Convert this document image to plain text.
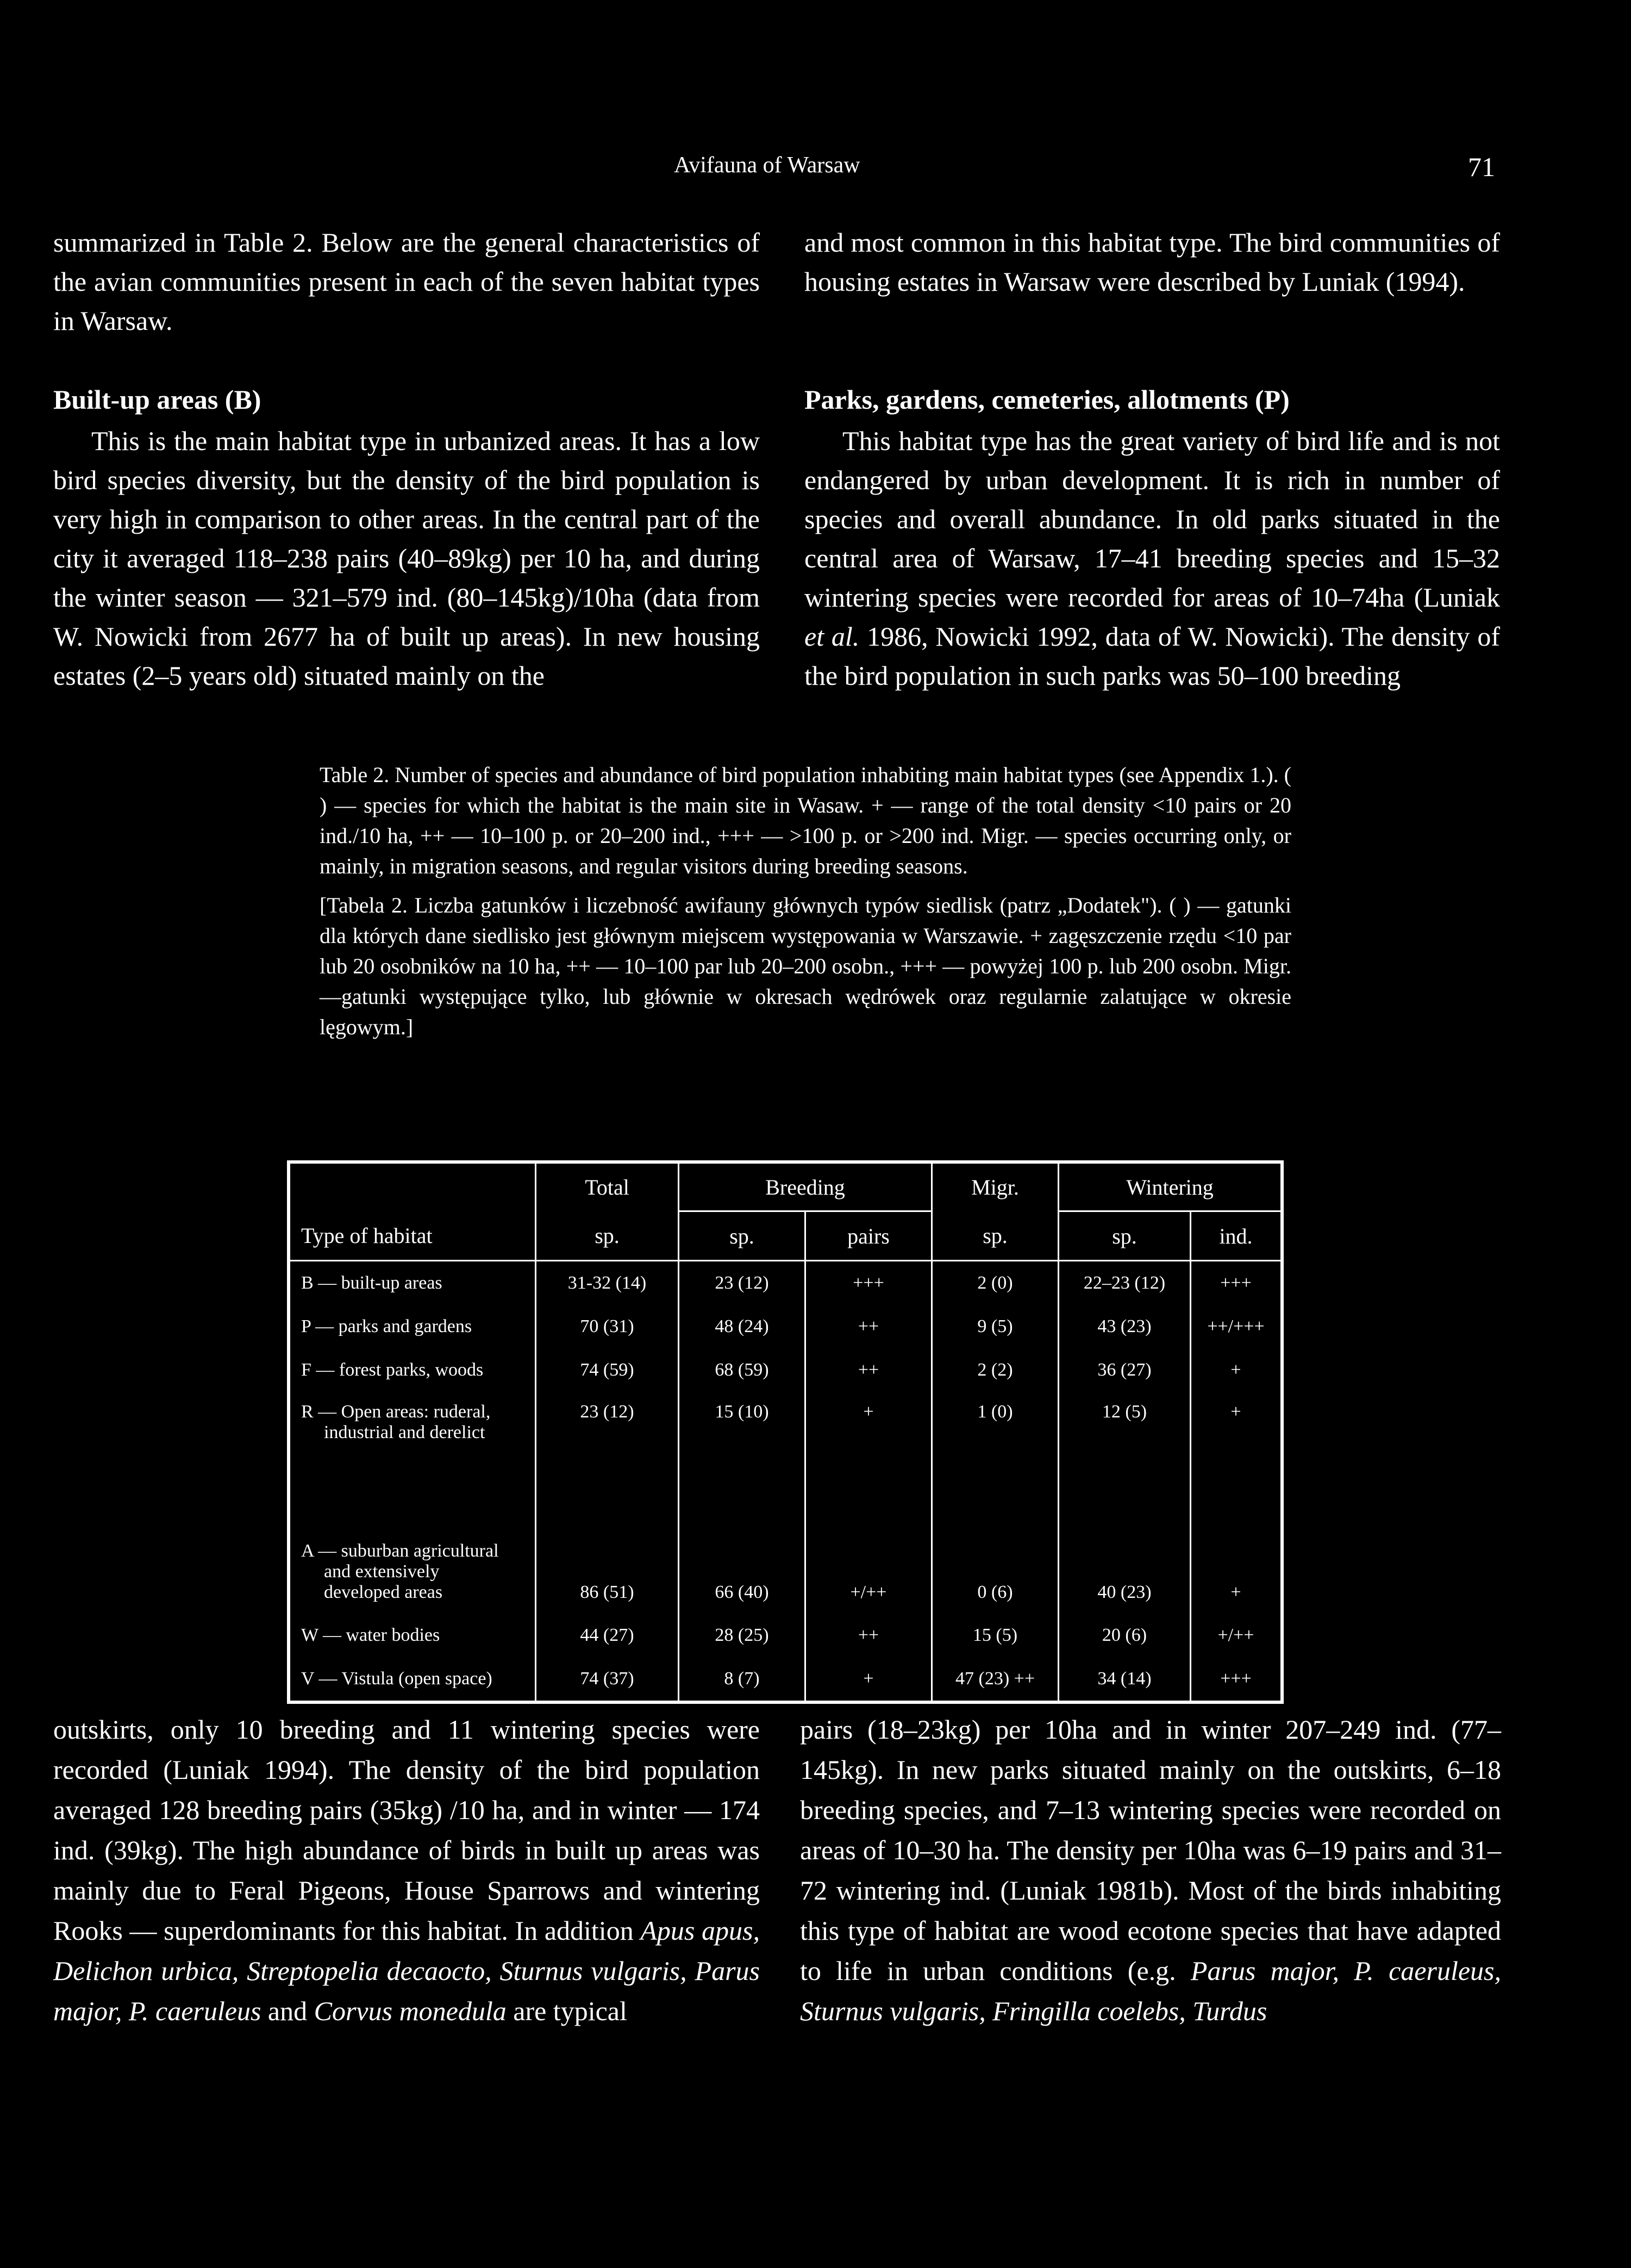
Avifauna of Warsaw	71

summarized in Table 2. Below are the general characteristics of the avian communities present in each of the seven habitat types in Warsaw.

and most common in this habitat type. The bird communities of housing estates in Warsaw were described by Luniak (1994).

Built-up areas (B)

This is the main habitat type in urbanized areas. It has a low bird species diversity, but the density of the bird population is very high in comparison to other areas. In the central part of the city it averaged 118–238 pairs (40–89kg) per 10 ha, and during the winter season — 321–579 ind. (80–145kg)/10ha (data from W. Nowicki from 2677 ha of built up areas). In new housing estates (2–5 years old) situated mainly on the

Parks, gardens, cemeteries, allotments (P)

This habitat type has the great variety of bird life and is not endangered by urban development. It is rich in number of species and overall abundance. In old parks situated in the central area of Warsaw, 17–41 breeding species and 15–32 wintering species were recorded for areas of 10–74ha (Luniak et al. 1986, Nowicki 1992, data of W. Nowicki). The density of the bird population in such parks was 50–100 breeding

Table 2. Number of species and abundance of bird population inhabiting main habitat types (see Appendix 1.). ( ) — species for which the habitat is the main site in Wasaw. + — range of the total density <10 pairs or 20 ind./10 ha, ++ — 10–100 p. or 20–200 ind., +++ — >100 p. or >200 ind. Migr. — species occurring only, or mainly, in migration seasons, and regular visitors during breeding seasons.

[Tabela 2. Liczba gatunków i liczebność awifauny głównych typów siedlisk (patrz „Dodatek"). ( ) — gatunki dla których dane siedlisko jest głównym miejscem występowania w Warszawie. + zagęszczenie rzędu <10 par lub 20 osobników na 10 ha, ++ — 10–100 par lub 20–200 osobn., +++ — powyżej 100 p. lub 200 osobn. Migr. —gatunki występujące tylko, lub głównie w okresach wędrówek oraz regularnie zalatujące w okresie lęgowym.]

	Total	Breeding		Migr.	Wintering	
Type of habitat	sp.	sp.	pairs	sp.	sp.	ind.
B — built-up areas	31-32 (14)	23 (12)	+++	2 (0)	22–23 (12)	+++
P — parks and gardens	70 (31)	48 (24)	++	9 (5)	43 (23)	++/+++
F — forest parks, woods	74 (59)	68 (59)	++	2 (2)	36 (27)	+

R — Open areas: ruderal,
industrial and derelict	23 (12)	15 (10)	+	1 (0)	12 (5)	+

A — suburban agricultural
and extensively
developed areas	86 (51)	66 (40)	+/++	0 (6)	40 (23)	+
W — water bodies	44 (27)	28 (25)	++	15 (5)	20 (6)	+/++
V — Vistula (open space)	74 (37)	8 (7)	+	47 (23) ++	34 (14)	+++

outskirts, only 10 breeding and 11 wintering species were recorded (Luniak 1994). The density of the bird population averaged 128 breeding pairs (35kg) /10 ha, and in winter — 174 ind. (39kg). The high abundance of birds in built up areas was mainly due to Feral Pigeons, House Sparrows and wintering Rooks — superdominants for this habitat. In addition Apus apus, Delichon urbica, Streptopelia decaocto, Sturnus vulgaris, Parus major, P. caeruleus and Corvus monedula are typical

pairs (18–23kg) per 10ha and in winter 207–249 ind. (77–145kg). In new parks situated mainly on the outskirts, 6–18 breeding species, and 7–13 wintering species were recorded on areas of 10–30 ha. The density per 10ha was 6–19 pairs and 31–72 wintering ind. (Luniak 1981b). Most of the birds inhabiting this type of habitat are wood ecotone species that have adapted to life in urban conditions (e.g. Parus major, P. caeruleus, Sturnus vulgaris, Fringilla coelebs, Turdus
